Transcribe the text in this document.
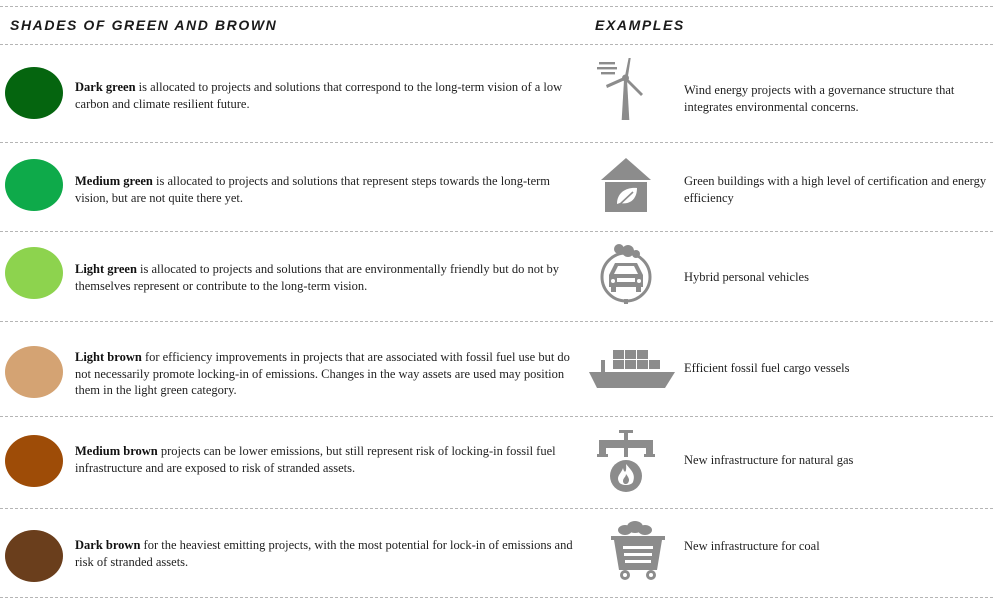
SHADES OF GREEN AND BROWN	EXAMPLES
Dark green is allocated to projects and solutions that correspond to the long-term vision of a low carbon and climate resilient future.
Wind energy projects with a governance structure that integrates environmental concerns.
Medium green is allocated to projects and solutions that represent steps towards the long-term vision, but are not quite there yet.
Green buildings with a high level of certification and energy efficiency
Light green is allocated to projects and solutions that are environmentally friendly but do not by themselves represent or contribute to the long-term vision.
Hybrid personal vehicles
Light brown for efficiency improvements in projects that are associated with fossil fuel use but do not necessarily promote locking-in of emissions. Changes in the way assets are used may position them in the light green category.
Efficient fossil fuel cargo vessels
Medium brown projects can be lower emissions, but still represent risk of locking-in fossil fuel infrastructure and are exposed to risk of stranded assets.
New infrastructure for natural gas
Dark brown for the heaviest emitting projects, with the most potential for lock-in of emissions and risk of stranded assets.
New infrastructure for coal
